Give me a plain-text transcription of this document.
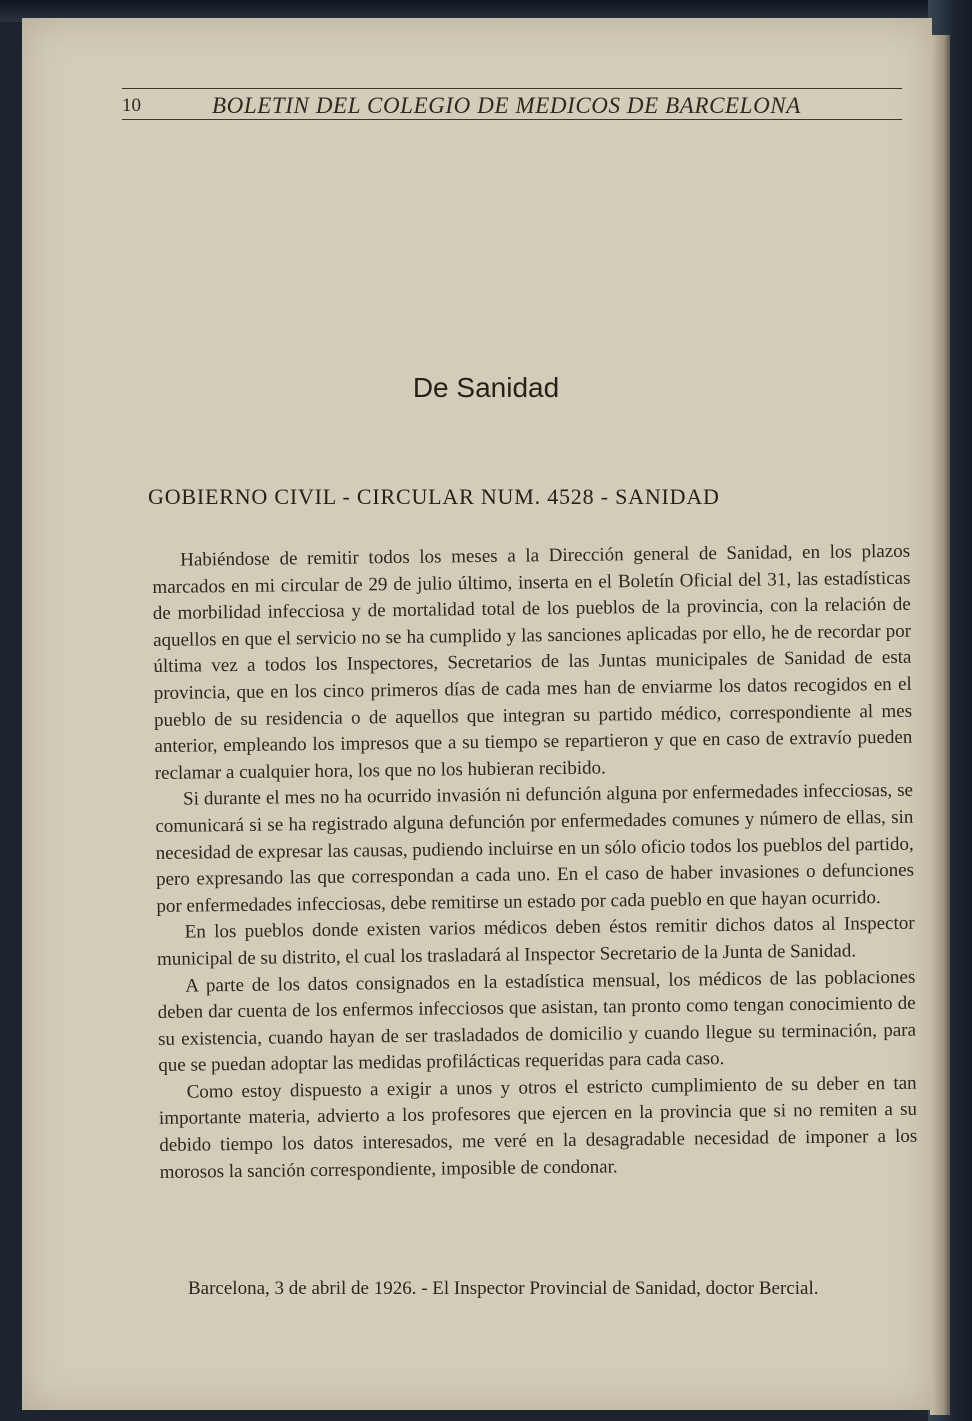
10	BOLETIN DEL COLEGIO DE MEDICOS DE BARCELONA
De Sanidad
GOBIERNO CIVIL - CIRCULAR NUM. 4528 - SANIDAD

Habiéndose de remitir todos los meses a la Dirección general de Sanidad, en los plazos marcados en mi circular de 29 de julio último, inserta en el Boletín Oficial del 31, las estadísticas de morbilidad infecciosa y de mortalidad total de los pueblos de la provincia, con la relación de aquellos en que el servicio no se ha cumplido y las sanciones aplicadas por ello, he de recordar por última vez a todos los Inspectores, Secretarios de las Juntas municipales de Sanidad de esta provincia, que en los cinco primeros días de cada mes han de enviarme los datos recogidos en el pueblo de su residencia o de aquellos que integran su partido médico, correspondiente al mes anterior, empleando los impresos que a su tiempo se repartieron y que en caso de extravío pueden reclamar a cualquier hora, los que no los hubieran recibido.

Si durante el mes no ha ocurrido invasión ni defunción alguna por enfermedades infecciosas, se comunicará si se ha registrado alguna defunción por enfermedades comunes y número de ellas, sin necesidad de expresar las causas, pudiendo incluirse en un sólo oficio todos los pueblos del partido, pero expresando las que correspondan a cada uno. En el caso de haber invasiones o defunciones por enfermedades infecciosas, debe remitirse un estado por cada pueblo en que hayan ocurrido.

En los pueblos donde existen varios médicos deben éstos remitir dichos datos al Inspector municipal de su distrito, el cual los trasladará al Inspector Secretario de la Junta de Sanidad.

A parte de los datos consignados en la estadística mensual, los médicos de las poblaciones deben dar cuenta de los enfermos infecciosos que asistan, tan pronto como tengan conocimiento de su existencia, cuando hayan de ser trasladados de domicilio y cuando llegue su terminación, para que se puedan adoptar las medidas profilácticas requeridas para cada caso.

Como estoy dispuesto a exigir a unos y otros el estricto cumplimiento de su deber en tan importante materia, advierto a los profesores que ejercen en la provincia que si no remiten a su debido tiempo los datos interesados, me veré en la desagradable necesidad de imponer a los morosos la sanción correspondiente, imposible de condonar.

Barcelona, 3 de abril de 1926. - El Inspector Provincial de Sanidad, doctor Bercial.
